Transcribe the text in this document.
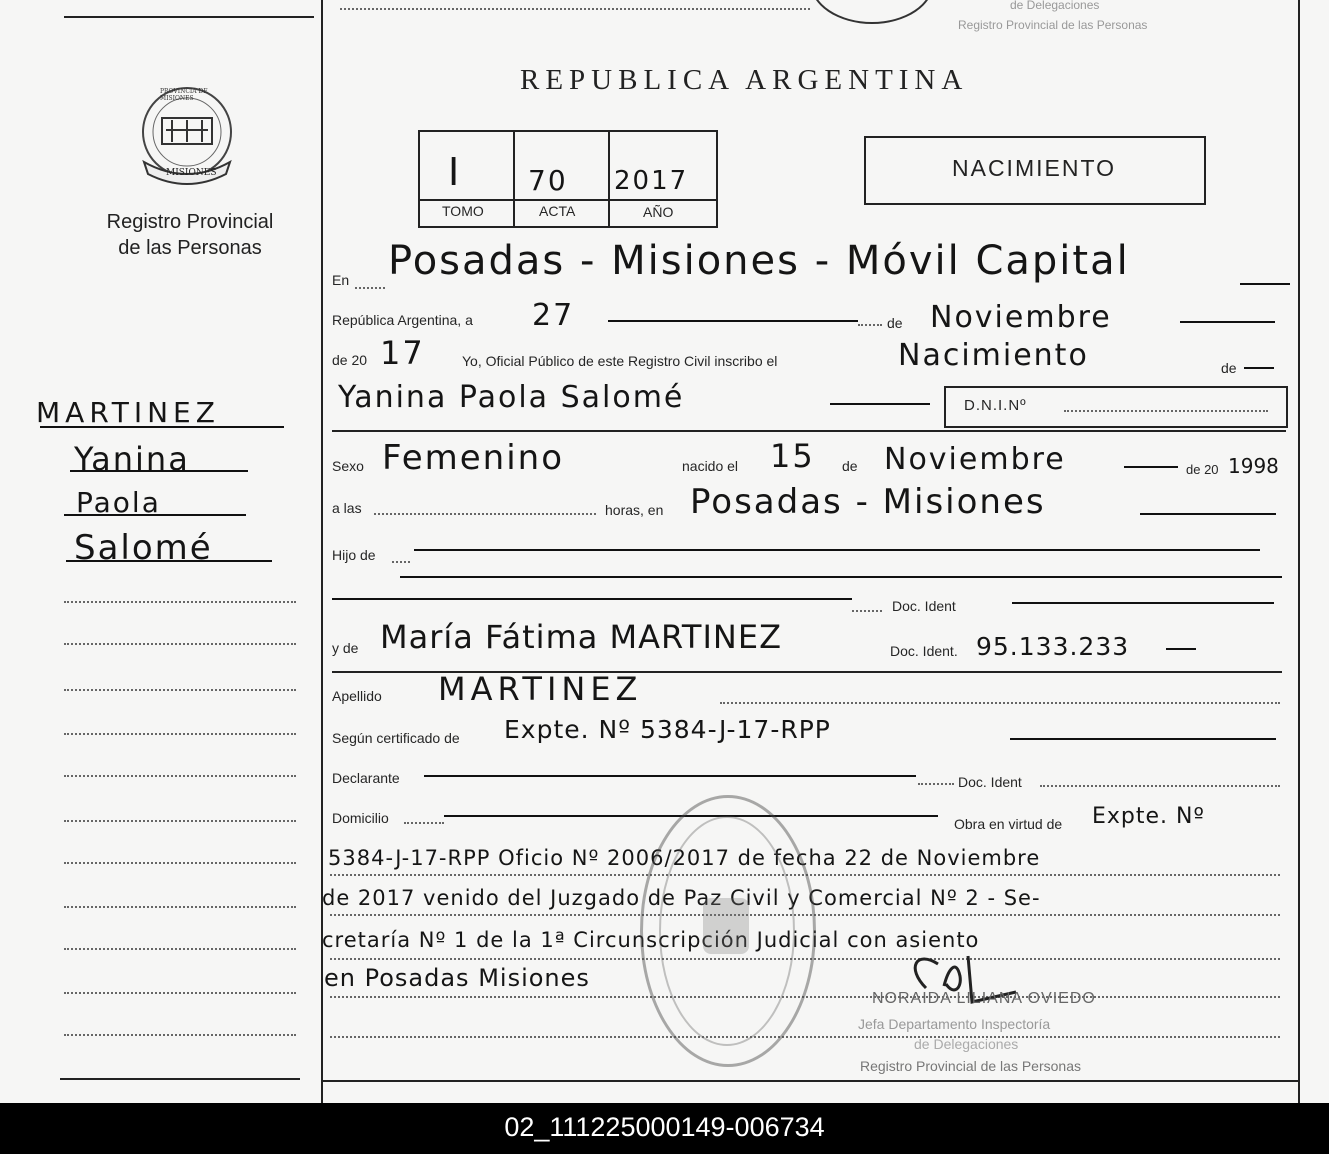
de Delegaciones
Registro Provincial de las Personas
MISIONES
PROVINCIA DE MISIONES
Registro Provincial
de las Personas
MARTINEZ
Yanina
Paola
Salomé
REPUBLICA ARGENTINA
I 70 2017
TOMO	ACTA	AÑO
NACIMIENTO
En Posadas - Misiones - Móvil Capital
República Argentina, a 27	de Noviembre
de 20 17	Yo, Oficial Público de este Registro Civil inscribo el	Nacimiento	de
Yanina Paola Salomé	D.N.I.Nº
Sexo Femenino	nacido el 15 de Noviembre	de 20 1998
a las	horas, en Posadas - Misiones
Hijo de
Doc. Ident
y de María Fátima MARTINEZ	Doc. Ident. 95.133.233
Apellido MARTINEZ
Según certificado de Expte. Nº 5384-J-17-RPP
Declarante	Doc. Ident
Domicilio	Obra en virtud de Expte. Nº
5384-J-17-RPP Oficio Nº 2006/2017 de fecha 22 de Noviembre
de 2017 venido del Juzgado de Paz Civil y Comercial Nº 2 - Se-
cretaría Nº 1 de la 1ª Circunscripción Judicial con asiento
en Posadas Misiones
NORAIDA LILIANA OVIEDO
Jefa Departamento Inspectoría
de Delegaciones
Registro Provincial de las Personas
02_111225000149-006734
